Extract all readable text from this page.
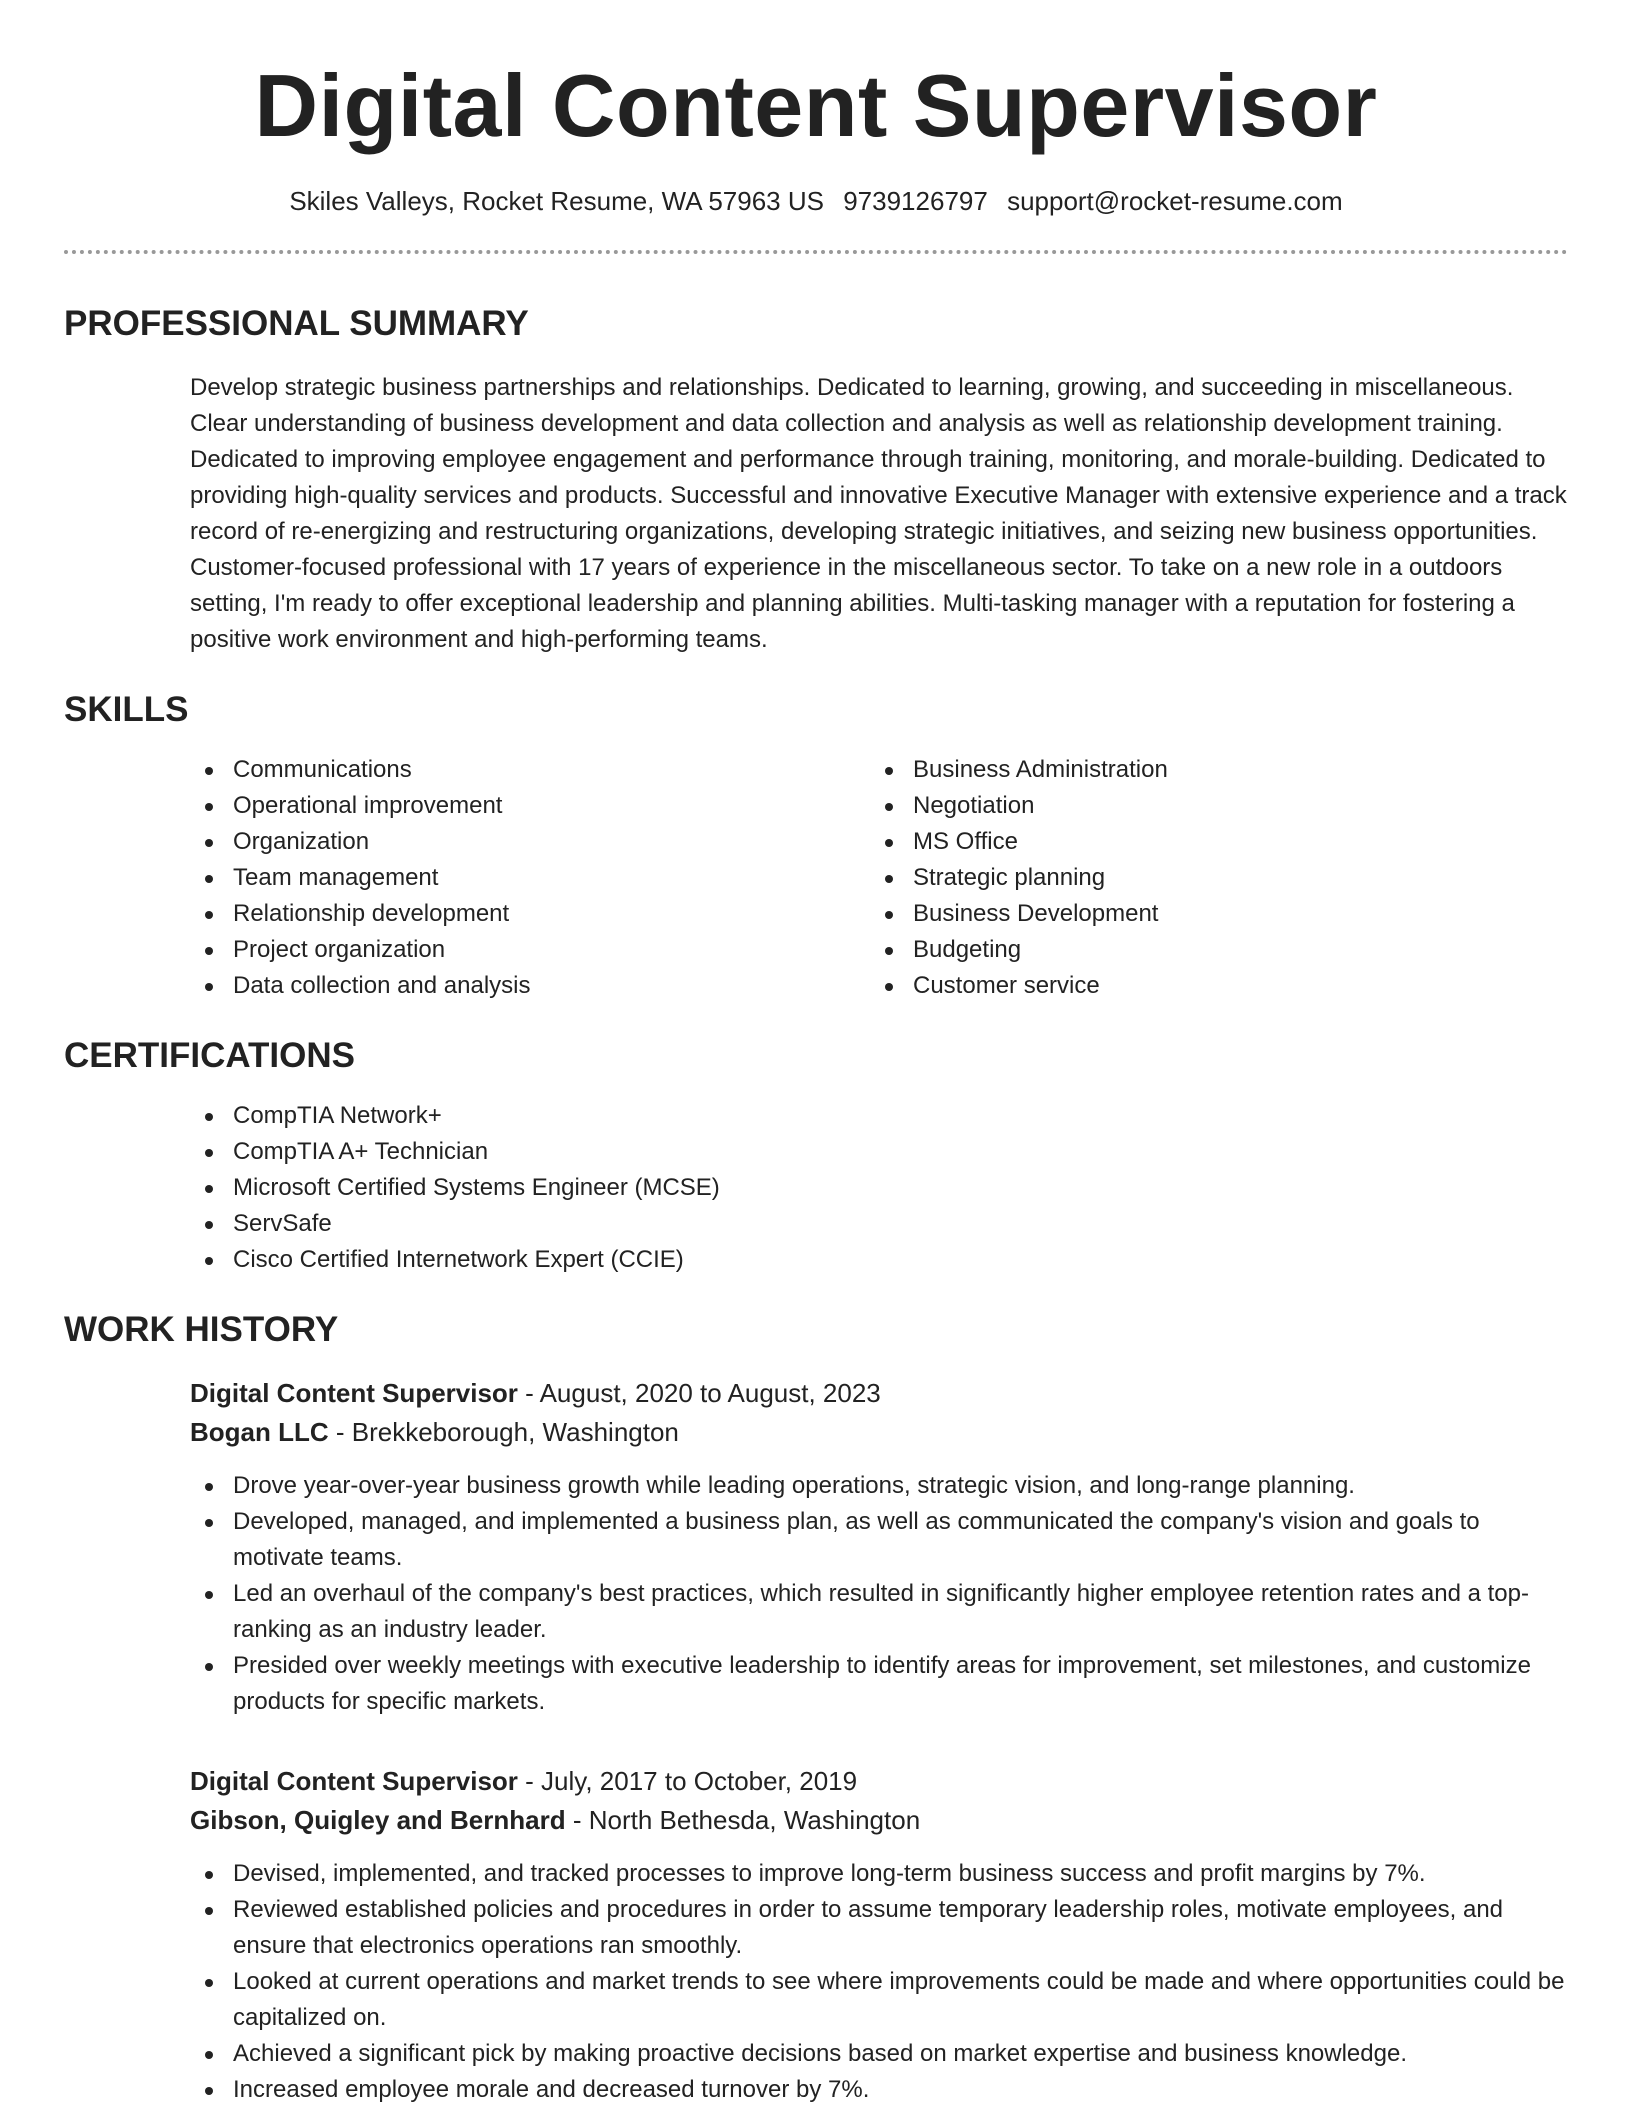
Digital Content Supervisor
Skiles Valleys, Rocket Resume, WA 57963 US 9739126797 support@rocket-resume.com
PROFESSIONAL SUMMARY

Develop strategic business partnerships and relationships. Dedicated to learning, growing, and succeeding in miscellaneous. Clear understanding of business development and data collection and analysis as well as relationship development training. Dedicated to improving employee engagement and performance through training, monitoring, and morale-building. Dedicated to providing high-quality services and products. Successful and innovative Executive Manager with extensive experience and a track record of re-energizing and restructuring organizations, developing strategic initiatives, and seizing new business opportunities. Customer-focused professional with 17 years of experience in the miscellaneous sector. To take on a new role in a outdoors setting, I'm ready to offer exceptional leadership and planning abilities. Multi-tasking manager with a reputation for fostering a positive work environment and high-performing teams.

SKILLS
Communications
Operational improvement
Organization
Team management
Relationship development
Project organization
Data collection and analysis
Business Administration
Negotiation
MS Office
Strategic planning
Business Development
Budgeting
Customer service
CERTIFICATIONS
CompTIA Network+
CompTIA A+ Technician
Microsoft Certified Systems Engineer (MCSE)
ServSafe
Cisco Certified Internetwork Expert (CCIE)
WORK HISTORY
Digital Content Supervisor - August, 2020 to August, 2023
Bogan LLC - Brekkeborough, Washington
Drove year-over-year business growth while leading operations, strategic vision, and long-range planning.
Developed, managed, and implemented a business plan, as well as communicated the company's vision and goals to motivate teams.
Led an overhaul of the company's best practices, which resulted in significantly higher employee retention rates and a top-ranking as an industry leader.
Presided over weekly meetings with executive leadership to identify areas for improvement, set milestones, and customize products for specific markets.
Digital Content Supervisor - July, 2017 to October, 2019
Gibson, Quigley and Bernhard - North Bethesda, Washington
Devised, implemented, and tracked processes to improve long-term business success and profit margins by 7%.
Reviewed established policies and procedures in order to assume temporary leadership roles, motivate employees, and ensure that electronics operations ran smoothly.
Looked at current operations and market trends to see where improvements could be made and where opportunities could be capitalized on.
Achieved a significant pick by making proactive decisions based on market expertise and business knowledge.
Increased employee morale and decreased turnover by 7%.
